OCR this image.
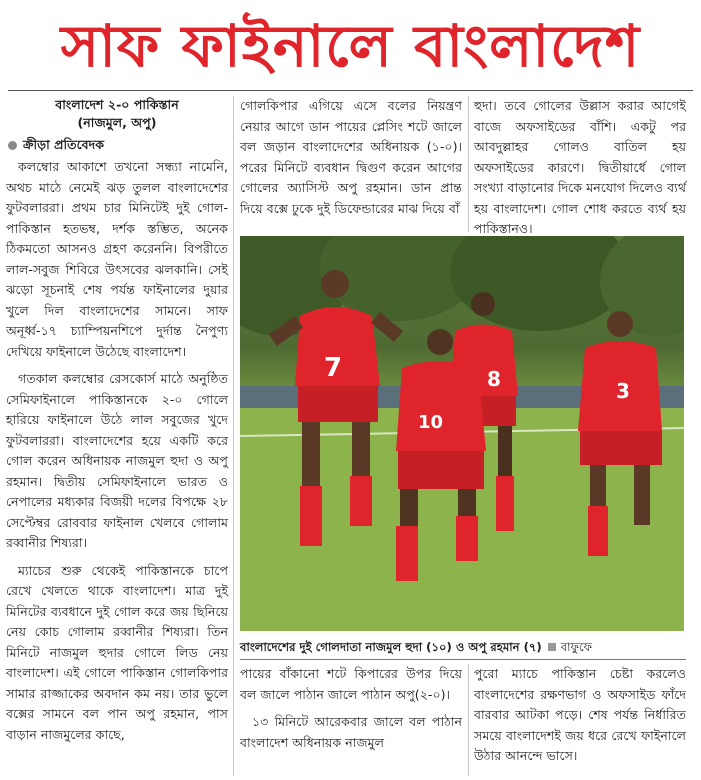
সাফ ফাইনালে বাংলাদেশ
বাংলাদেশ ২-০ পাকিস্তান
(নাজমুল, অপু)
ক্রীড়া প্রতিবেদক

কলম্বোর আকাশে তখনো সন্ধ্যা নামেনি, অথচ মাঠে নেমেই ঝড় তুলল বাংলাদেশের ফুটবলাররা। প্রথম চার মিনিটেই দুই গোল-পাকিস্তান হতভম্ব, দর্শক স্তম্ভিত, অনেক ঠিকমতো আসনও গ্রহণ করেননি। বিপরীতে লাল-সবুজ শিবিরে উৎসবের ঝলকানি। সেই ঝড়ো সূচনাই শেষ পর্যন্ত ফাইনালের দুয়ার খুলে দিল বাংলাদেশের সামনে। সাফ অনূর্ধ্ব-১৭ চ্যাম্পিয়নশিপে দুর্দান্ত নৈপুণ্য দেখিয়ে ফাইনালে উঠেছে বাংলাদেশ।

গতকাল কলম্বোর রেসকোর্স মাঠে অনুষ্ঠিত সেমিফাইনালে পাকিস্তানকে ২-০ গোলে হারিয়ে ফাইনালে উঠে লাল সবুজের খুদে ফুটবলাররা। বাংলাদেশের হয়ে একটি করে গোল করেন অধিনায়ক নাজমুল হুদা ও অপু রহমান। দ্বিতীয় সেমিফাইনালে ভারত ও নেপালের মধ্যকার বিজয়ী দলের বিপক্ষে ২৮ সেপ্টেম্বর রোববার ফাইনাল খেলবে গোলাম রব্বানীর শিষ্যরা।

ম্যাচের শুরু থেকেই পাকিস্তানকে চাপে রেখে খেলতে থাকে বাংলাদেশ। মাত্র দুই মিনিটের ব্যবধানে দুই গোল করে জয় ছিনিয়ে নেয় কোচ গোলাম রব্বানীর শিষ্যরা। তিন মিনিটে নাজমুল হুদার গোলে লিড নেয় বাংলাদেশ। এই গোলে পাকিস্তান গোলকিপার সামার রাজ্জাকের অবদান কম নয়। তার ভুলে বক্সের সামনে বল পান অপু রহমান, পাস বাড়ান নাজমুলের কাছে,

গোলকিপার এগিয়ে এসে বলের নিয়ন্ত্রণ নেয়ার আগে ডান পায়ের প্লেসিং শটে জালে বল জড়ান বাংলাদেশের অধিনায়ক (১-০)। পরের মিনিটে ব্যবধান দ্বিগুণ করেন আগের গোলের অ্যাসিস্ট অপু রহমান। ডান প্রান্ত দিয়ে বক্সে ঢুকে দুই ডিফেন্ডারের মাঝ দিয়ে বাঁ

হুদা। তবে গোলের উল্লাস করার আগেই বাজে অফসাইডের বাঁশি। একটু পর আবদুল্লাহর গোলও বাতিল হয় অফসাইডের কারণে। দ্বিতীয়ার্ধে গোল সংখ্যা বাড়ানোর দিকে মনযোগ দিলেও ব্যর্থ হয় বাংলাদেশ। গোল শোধ করতে ব্যর্থ হয় পাকিস্তানও।

7	8
10
3
বাংলাদেশের দুই গোলদাতা নাজমুল হুদা (১০) ও অপু রহমান (৭) বাফুফে

পায়ের বাঁকানো শটে কিপারের উপর দিয়ে বল জালে পাঠান জালে পাঠান অপু(২-০)।

১৩ মিনিটে আরেকবার জালে বল পাঠান বাংলাদেশ অধিনায়ক নাজমুল

পুরো ম্যাচে পাকিস্তান চেষ্টা করলেও বাংলাদেশের রক্ষণভাগ ও অফসাইড ফাঁদে বারবার আটকা পড়ে। শেষ পর্যন্ত নির্ধারিত সময়ে বাংলাদেশই জয় ধরে রেখে ফাইনালে উঠার আনন্দে ভাসে।
